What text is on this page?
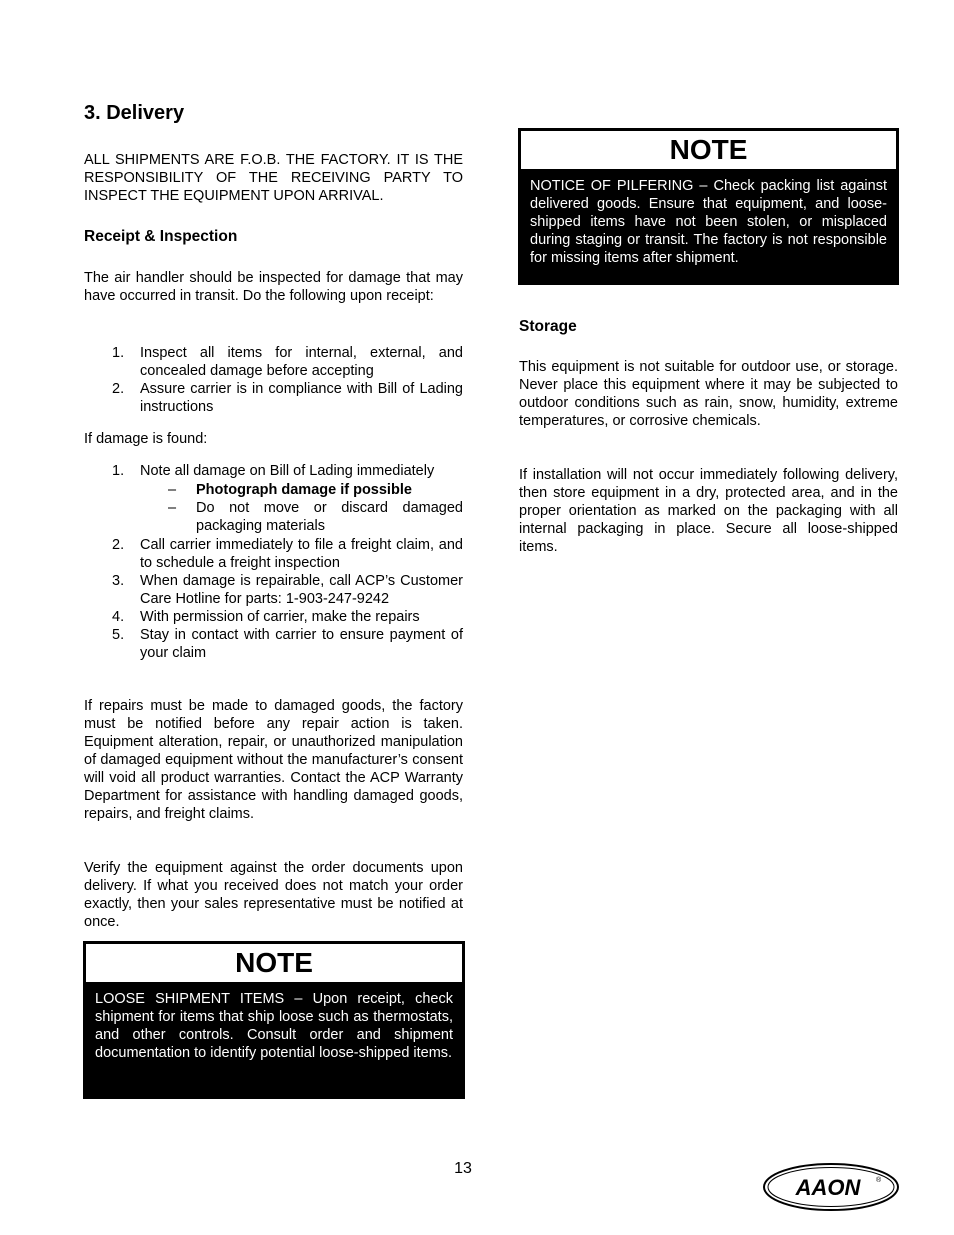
3. Delivery

ALL SHIPMENTS ARE F.O.B. THE FACTORY. IT IS THE RESPONSIBILITY OF THE RECEIVING PARTY TO INSPECT THE EQUIPMENT UPON ARRIVAL.

Receipt & Inspection

The air handler should be inspected for damage that may have occurred in transit. Do the following upon receipt:

1. Inspect all items for internal, external, and concealed damage before accepting
2. Assure carrier is in compliance with Bill of Lading instructions

If damage is found:

1. Note all damage on Bill of Lading immediately
– Photograph damage if possible
– Do not move or discard damaged packaging materials
2. Call carrier immediately to file a freight claim, and to schedule a freight inspection
3. When damage is repairable, call ACP’s Customer Care Hotline for parts: 1-903-247-9242
4. With permission of carrier, make the repairs
5. Stay in contact with carrier to ensure payment of your claim

If repairs must be made to damaged goods, the factory must be notified before any repair action is taken. Equipment alteration, repair, or unauthorized manipulation of damaged equipment without the manufacturer’s consent will void all product warranties. Contact the ACP Warranty Department for assistance with handling damaged goods, repairs, and freight claims.

Verify the equipment against the order documents upon delivery. If what you received does not match your order exactly, then your sales representative must be notified at once.

NOTE
LOOSE SHIPMENT ITEMS – Upon receipt, check shipment for items that ship loose such as thermostats, and other controls. Consult order and shipment documentation to identify potential loose-shipped items.
NOTE
NOTICE OF PILFERING – Check packing list against delivered goods. Ensure that equipment, and loose-shipped items have not been stolen, or misplaced during staging or transit. The factory is not responsible for missing items after shipment.
Storage

This equipment is not suitable for outdoor use, or storage. Never place this equipment where it may be subjected to outdoor conditions such as rain, snow, humidity, extreme temperatures, or corrosive chemicals.

If installation will not occur immediately following delivery, then store equipment in a dry, protected area, and in the proper orientation as marked on the packaging with all internal packaging in place. Secure all loose-shipped items.

13
AAON ®
